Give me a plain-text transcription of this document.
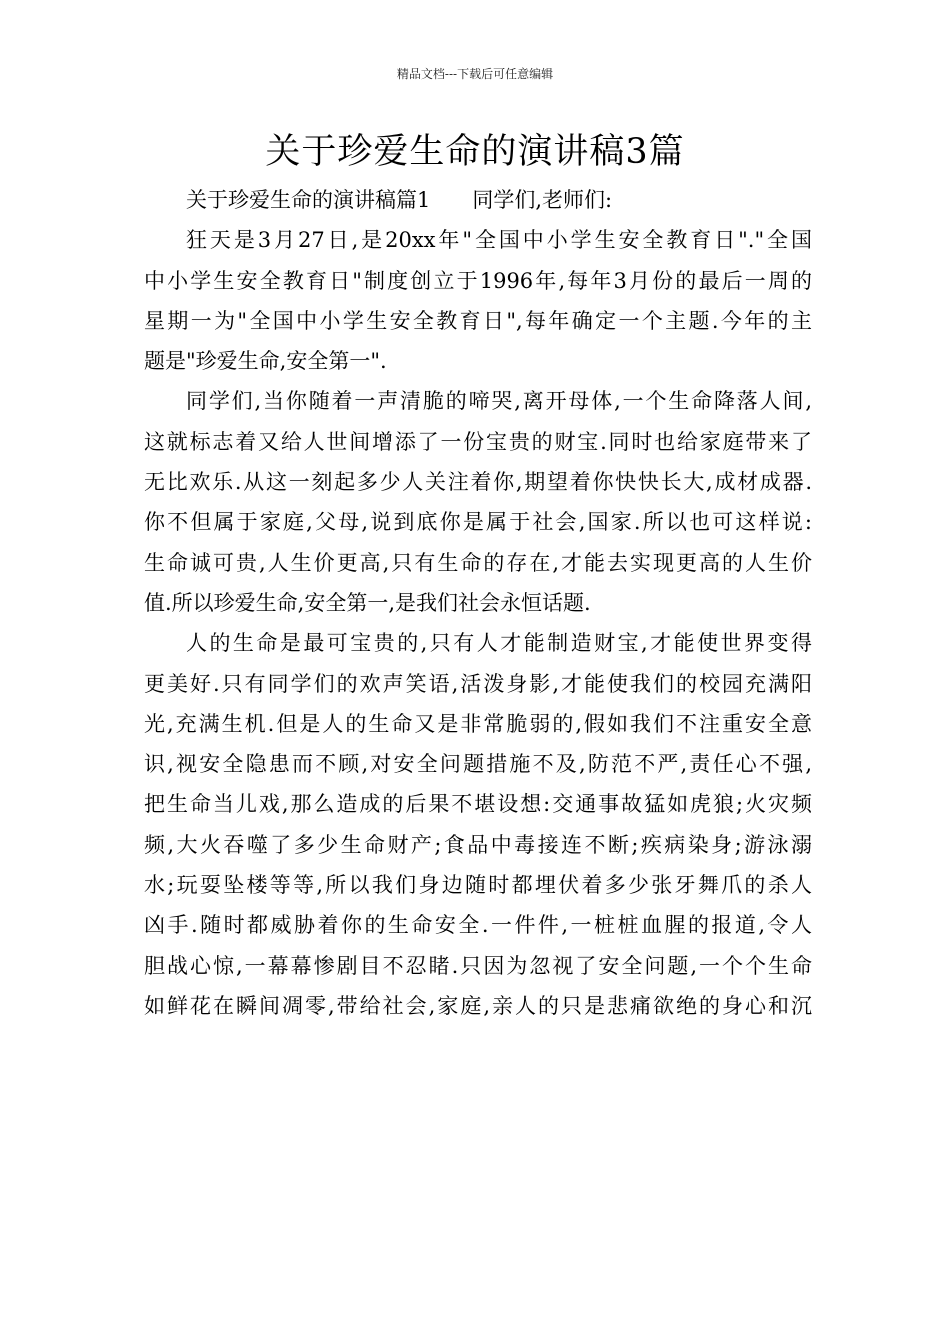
精品文档---下载后可任意编辑
关于珍爱生命的演讲稿3篇
关于珍爱生命的演讲稿篇1　　同学们,老师们:
狂天是3月27日,是20xx年"全国中小学生安全教育日"."全国
中小学生安全教育日"制度创立于1996年,每年3月份的最后一周的
星期一为"全国中小学生安全教育日",每年确定一个主题.今年的主
题是"珍爱生命,安全第一".
同学们,当你随着一声清脆的啼哭,离开母体,一个生命降落人间,
这就标志着又给人世间增添了一份宝贵的财宝.同时也给家庭带来了
无比欢乐.从这一刻起多少人关注着你,期望着你快快长大,成材成器.
你不但属于家庭,父母,说到底你是属于社会,国家.所以也可这样说:
生命诚可贵,人生价更高,只有生命的存在,才能去实现更高的人生价
值.所以珍爱生命,安全第一,是我们社会永恒话题.
人的生命是最可宝贵的,只有人才能制造财宝,才能使世界变得
更美好.只有同学们的欢声笑语,活泼身影,才能使我们的校园充满阳
光,充满生机.但是人的生命又是非常脆弱的,假如我们不注重安全意
识,视安全隐患而不顾,对安全问题措施不及,防范不严,责任心不强,
把生命当儿戏,那么造成的后果不堪设想:交通事故猛如虎狼;火灾频
频,大火吞噬了多少生命财产;食品中毒接连不断;疾病染身;游泳溺
水;玩耍坠楼等等,所以我们身边随时都埋伏着多少张牙舞爪的杀人
凶手.随时都威胁着你的生命安全.一件件,一桩桩血腥的报道,令人
胆战心惊,一幕幕惨剧目不忍睹.只因为忽视了安全问题,一个个生命
如鲜花在瞬间凋零,带给社会,家庭,亲人的只是悲痛欲绝的身心和沉
